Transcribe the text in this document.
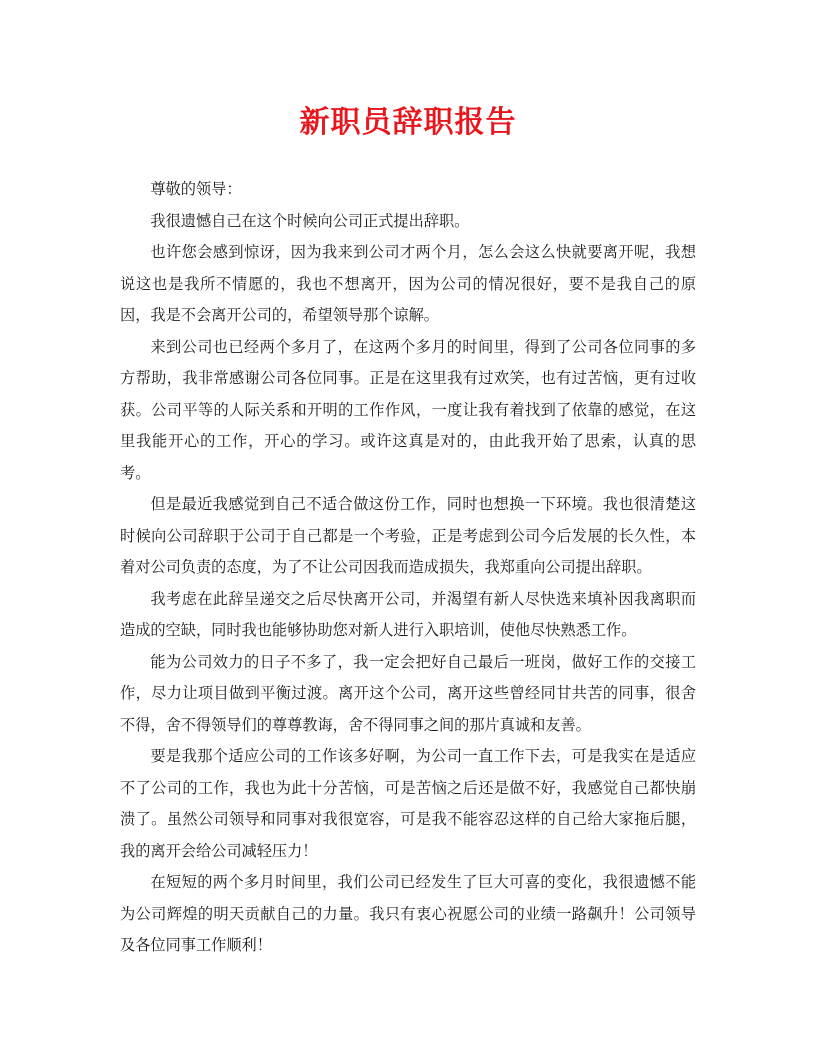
新职员辞职报告

尊敬的领导：

我很遗憾自己在这个时候向公司正式提出辞职。

也许您会感到惊讶，因为我来到公司才两个月，怎么会这么快就要离开呢，我想说这也是我所不情愿的，我也不想离开，因为公司的情况很好，要不是我自己的原因，我是不会离开公司的，希望领导那个谅解。

来到公司也已经两个多月了，在这两个多月的时间里，得到了公司各位同事的多方帮助，我非常感谢公司各位同事。正是在这里我有过欢笑，也有过苦恼，更有过收获。公司平等的人际关系和开明的工作作风，一度让我有着找到了依靠的感觉，在这里我能开心的工作，开心的学习。或许这真是对的，由此我开始了思索，认真的思考。

但是最近我感觉到自己不适合做这份工作，同时也想换一下环境。我也很清楚这时候向公司辞职于公司于自己都是一个考验，正是考虑到公司今后发展的长久性，本着对公司负责的态度，为了不让公司因我而造成损失，我郑重向公司提出辞职。

我考虑在此辞呈递交之后尽快离开公司，并渴望有新人尽快选来填补因我离职而造成的空缺，同时我也能够协助您对新人进行入职培训，使他尽快熟悉工作。

能为公司效力的日子不多了，我一定会把好自己最后一班岗，做好工作的交接工作，尽力让项目做到平衡过渡。离开这个公司，离开这些曾经同甘共苦的同事，很舍不得，舍不得领导们的尊尊教诲，舍不得同事之间的那片真诚和友善。

要是我那个适应公司的工作该多好啊，为公司一直工作下去，可是我实在是适应不了公司的工作，我也为此十分苦恼，可是苦恼之后还是做不好，我感觉自己都快崩溃了。虽然公司领导和同事对我很宽容，可是我不能容忍这样的自己给大家拖后腿，我的离开会给公司减轻压力！

在短短的两个多月时间里，我们公司已经发生了巨大可喜的变化，我很遗憾不能为公司辉煌的明天贡献自己的力量。我只有衷心祝愿公司的业绩一路飙升！公司领导及各位同事工作顺利！
